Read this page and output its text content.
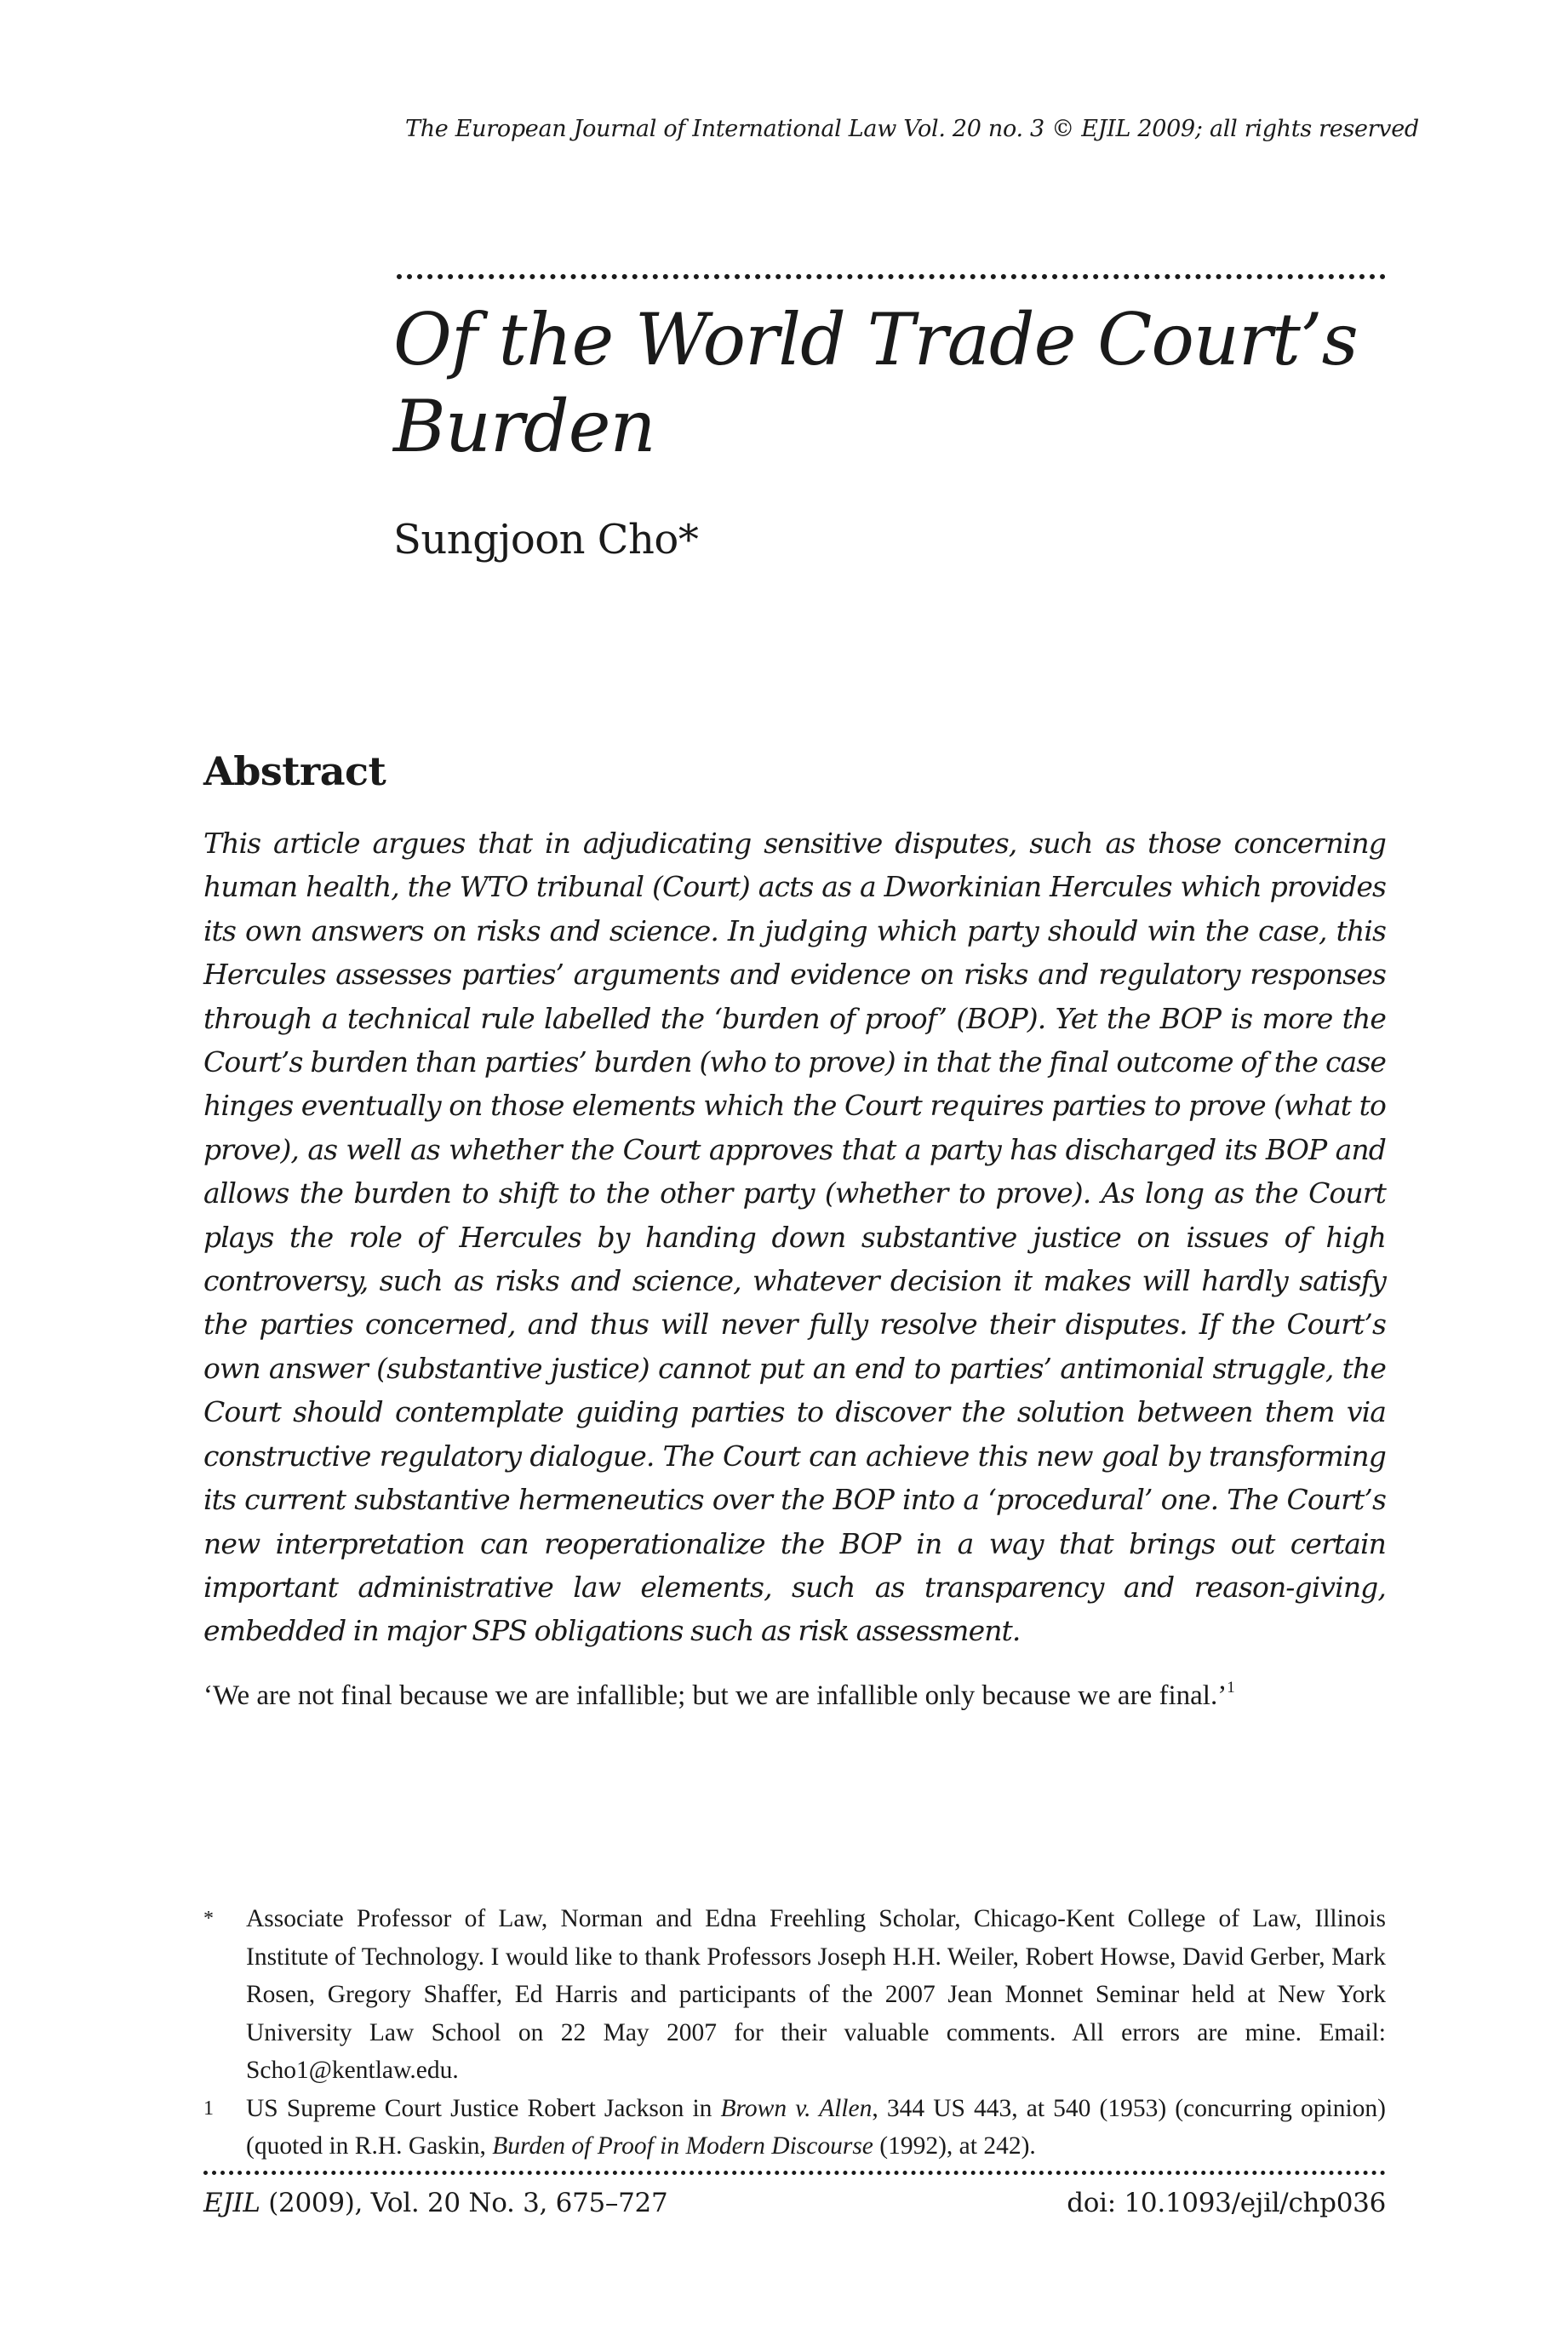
The European Journal of International Law Vol. 20 no. 3 © EJIL 2009; all rights reserved
Of the World Trade Court’s
Burden
Sungjoon Cho*
Abstract

This article argues that in adjudicating sensitive disputes, such as those concerning human health, the WTO tribunal (Court) acts as a Dworkinian Hercules which provides its own answers on risks and science. In judging which party should win the case, this Hercules assesses parties’ arguments and evidence on risks and regulatory responses through a technical rule labelled the ‘burden of proof’ (BOP). Yet the BOP is more the Court’s burden than parties’ burden (who to prove) in that the final outcome of the case hinges eventually on those elements which the Court requires parties to prove (what to prove), as well as whether the Court approves that a party has discharged its BOP and allows the burden to shift to the other party (whether to prove). As long as the Court plays the role of Hercules by handing down substantive justice on issues of high controversy, such as risks and science, whatever decision it makes will hardly satisfy the parties concerned, and thus will never fully resolve their disputes. If the Court’s own answer (substantive justice) cannot put an end to parties’ antimonial struggle, the Court should contemplate guiding parties to discover the solution between them via constructive regulatory dialogue. The Court can achieve this new goal by transforming its current substantive hermeneutics over the BOP into a ‘procedural’ one. The Court’s new interpretation can reoperationalize the BOP in a way that brings out certain important administrative law elements, such as transparency and reason-giving, embedded in major SPS obligations such as risk assessment.

‘We are not final because we are infallible; but we are infallible only because we are final.’$^1$
* Associate Professor of Law, Norman and Edna Freehling Scholar, Chicago-Kent College of Law, Illinois Institute of Technology. I would like to thank Professors Joseph H.H. Weiler, Robert Howse, David Gerber, Mark Rosen, Gregory Shaffer, Ed Harris and participants of the 2007 Jean Monnet Seminar held at New York University Law School on 22 May 2007 for their valuable comments. All errors are mine. Email: Scho1@kentlaw.edu.
1 US Supreme Court Justice Robert Jackson in Brown v. Allen, 344 US 443, at 540 (1953) (concurring opinion) (quoted in R.H. Gaskin, Burden of Proof in Modern Discourse (1992), at 242).
EJIL (2009), Vol. 20 No. 3, 675–727	doi: 10.1093/ejil/chp036
